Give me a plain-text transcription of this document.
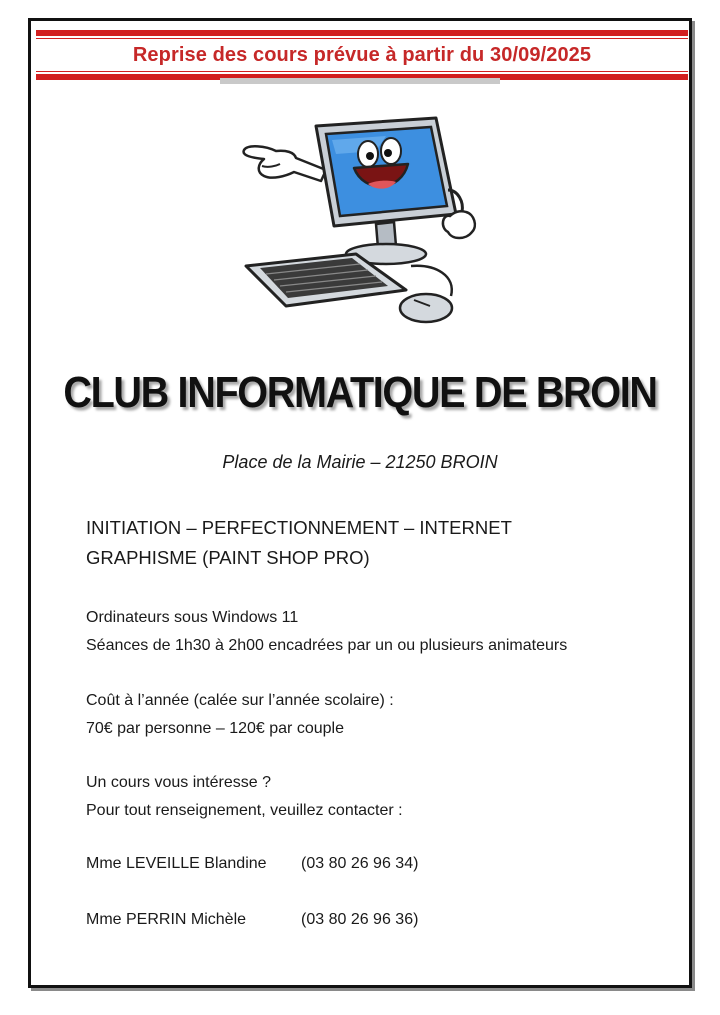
Reprise des cours prévue à partir du 30/09/2025
CLUB INFORMATIQUE DE BROIN
Place de la Mairie – 21250 BROIN
INITIATION – PERFECTIONNEMENT – INTERNET
GRAPHISME (PAINT SHOP PRO)
Ordinateurs sous Windows 11
Séances de 1h30 à 2h00 encadrées par un ou plusieurs animateurs
Coût à l’année (calée sur l’année scolaire) :
70€ par personne – 120€ par couple
Un cours vous intéresse ?
Pour tout renseignement, veuillez contacter :
Mme LEVEILLE Blandine (03 80 26 96 34)
Mme PERRIN Michèle	(03 80 26 96 36)
